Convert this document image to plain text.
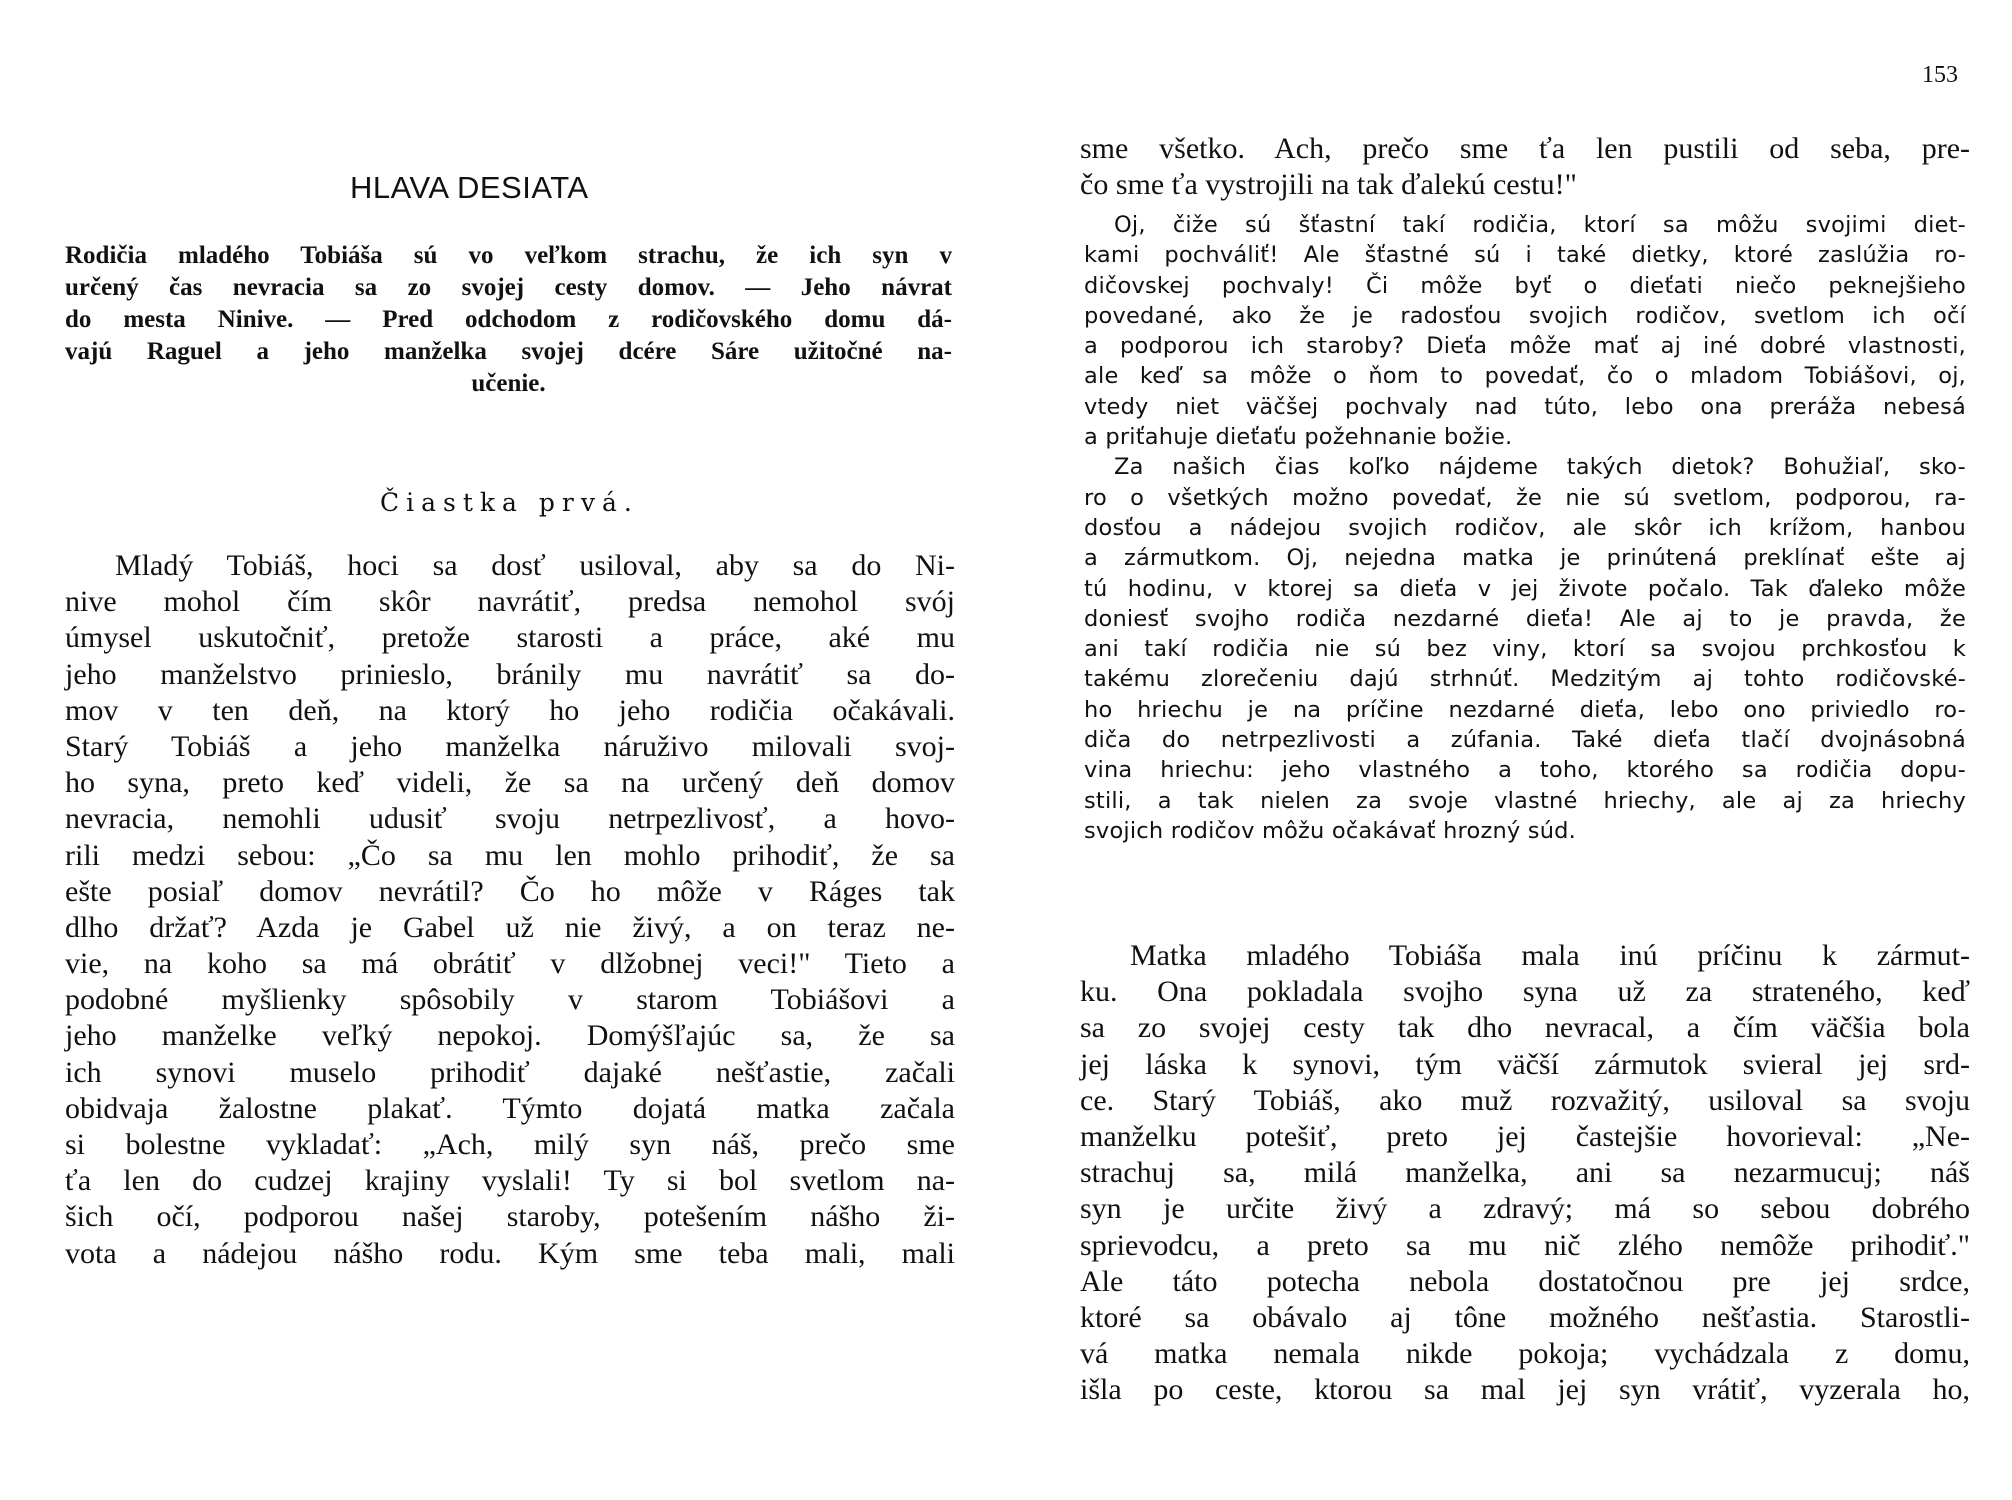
HLAVA DESIATA
Rodičia mladého Tobiáša sú vo veľkom strachu, že ich syn v
určený čas nevracia sa zo svojej cesty domov. — Jeho návrat
do mesta Ninive. — Pred odchodom z rodičovského domu dá-
vajú Raguel a jeho manželka svojej dcére Sáre užitočné na-
učenie.
Čiastka prvá.
Mladý Tobiáš, hoci sa dosť usiloval, aby sa do Ni-
nive mohol čím skôr navrátiť, predsa nemohol svój
úmysel uskutočniť, pretože starosti a práce, aké mu
jeho manželstvo prinieslo, bránily mu navrátiť sa do-
mov v ten deň, na ktorý ho jeho rodičia očakávali.
Starý Tobiáš a jeho manželka náruživo milovali svoj-
ho syna, preto keď videli, že sa na určený deň domov
nevracia, nemohli udusiť svoju netrpezlivosť, a hovo-
rili medzi sebou: „Čo sa mu len mohlo prihodiť, že sa
ešte posiaľ domov nevrátil? Čo ho môže v Ráges tak
dlho držať? Azda je Gabel už nie živý, a on teraz ne-
vie, na koho sa má obrátiť v dlžobnej veci!" Tieto a
podobné myšlienky spôsobily v starom Tobiášovi a
jeho manželke veľký nepokoj. Domýšľajúc sa, že sa
ich synovi muselo prihodiť dajaké nešťastie, začali
obidvaja žalostne plakať. Týmto dojatá matka začala
si bolestne vykladať: „Ach, milý syn náš, prečo sme
ťa len do cudzej krajiny vyslali! Ty si bol svetlom na-
šich očí, podporou našej staroby, potešením nášho ži-
vota a nádejou nášho rodu. Kým sme teba mali, mali
153
sme všetko. Ach, prečo sme ťa len pustili od seba, pre-
čo sme ťa vystrojili na tak ďalekú cestu!"
Oj, čiže sú šťastní takí rodičia, ktorí sa môžu svojimi diet-
kami pochváliť! Ale šťastné sú i také dietky, ktoré zaslúžia ro-
dičovskej pochvaly! Či môže byť o dieťati niečo peknejšieho
povedané, ako že je radosťou svojich rodičov, svetlom ich očí
a podporou ich staroby? Dieťa môže mať aj iné dobré vlastnosti,
ale keď sa môže o ňom to povedať, čo o mladom Tobiášovi, oj,
vtedy niet väčšej pochvaly nad túto, lebo ona preráža nebesá
a priťahuje dieťaťu požehnanie božie.
Za našich čias koľko nájdeme takých dietok? Bohužiaľ, sko-
ro o všetkých možno povedať, že nie sú svetlom, podporou, ra-
dosťou a nádejou svojich rodičov, ale skôr ich krížom, hanbou
a zármutkom. Oj, nejedna matka je prinútená preklínať ešte aj
tú hodinu, v ktorej sa dieťa v jej živote počalo. Tak ďaleko môže
doniesť svojho rodiča nezdarné dieťa! Ale aj to je pravda, že
ani takí rodičia nie sú bez viny, ktorí sa svojou prchkosťou k
takému zlorečeniu dajú strhnúť. Medzitým aj tohto rodičovské-
ho hriechu je na príčine nezdarné dieťa, lebo ono priviedlo ro-
diča do netrpezlivosti a zúfania. Také dieťa tlačí dvojnásobná
vina hriechu: jeho vlastného a toho, ktorého sa rodičia dopu-
stili, a tak nielen za svoje vlastné hriechy, ale aj za hriechy
svojich rodičov môžu očakávať hrozný súd.
Matka mladého Tobiáša mala inú príčinu k zármut-
ku. Ona pokladala svojho syna už za strateného, keď
sa zo svojej cesty tak dho nevracal, a čím väčšia bola
jej láska k synovi, tým väčší zármutok svieral jej srd-
ce. Starý Tobiáš, ako muž rozvažitý, usiloval sa svoju
manželku potešiť, preto jej častejšie hovorieval: „Ne-
strachuj sa, milá manželka, ani sa nezarmucuj; náš
syn je určite živý a zdravý; má so sebou dobrého
sprievodcu, a preto sa mu nič zlého nemôže prihodiť."
Ale táto potecha nebola dostatočnou pre jej srdce,
ktoré sa obávalo aj tône možného nešťastia. Starostli-
vá matka nemala nikde pokoja; vychádzala z domu,
išla po ceste, ktorou sa mal jej syn vrátiť, vyzerala ho,
